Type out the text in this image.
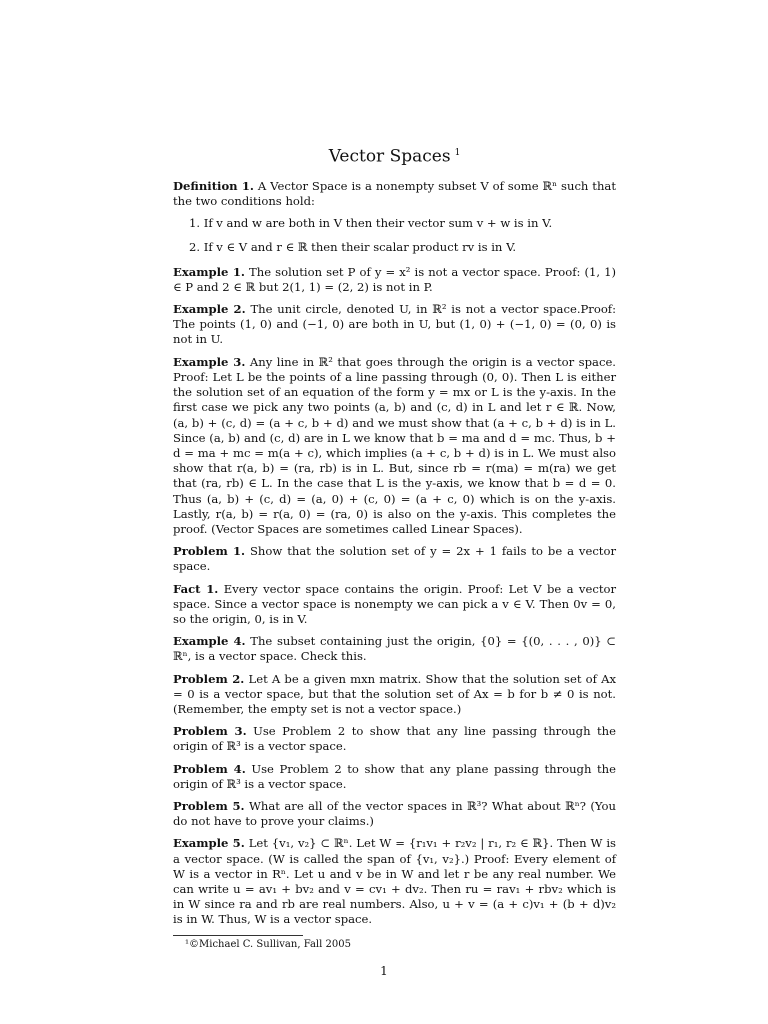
Vector Spaces $^1$

Definition 1. A Vector Space is a nonempty subset V of some ℝⁿ such that the two conditions hold:

1. If v and w are both in V then their vector sum v + w is in V.
2. If v ∈ V and r ∈ ℝ then their scalar product rv is in V.

Example 1. The solution set P of y = x² is not a vector space. Proof: (1, 1) ∈ P and 2 ∈ ℝ but 2(1, 1) = (2, 2) is not in P.

Example 2. The unit circle, denoted U, in ℝ² is not a vector space.Proof: The points (1, 0) and (−1, 0) are both in U, but (1, 0) + (−1, 0) = (0, 0) is not in U.

Example 3. Any line in ℝ² that goes through the origin is a vector space. Proof: Let L be the points of a line passing through (0, 0). Then L is either the solution set of an equation of the form y = mx or L is the y-axis. In the first case we pick any two points (a, b) and (c, d) in L and let r ∈ ℝ. Now, (a, b) + (c, d) = (a + c, b + d) and we must show that (a + c, b + d) is in L. Since (a, b) and (c, d) are in L we know that b = ma and d = mc. Thus, b + d = ma + mc = m(a + c), which implies (a + c, b + d) is in L. We must also show that r(a, b) = (ra, rb) is in L. But, since rb = r(ma) = m(ra) we get that (ra, rb) ∈ L. In the case that L is the y-axis, we know that b = d = 0. Thus (a, b) + (c, d) = (a, 0) + (c, 0) = (a + c, 0) which is on the y-axis. Lastly, r(a, b) = r(a, 0) = (ra, 0) is also on the y-axis. This completes the proof. (Vector Spaces are sometimes called Linear Spaces).

Problem 1. Show that the solution set of y = 2x + 1 fails to be a vector space.

Fact 1. Every vector space contains the origin. Proof: Let V be a vector space. Since a vector space is nonempty we can pick a v ∈ V. Then 0v = 0, so the origin, 0, is in V.

Example 4. The subset containing just the origin, {0} = {(0, . . . , 0)} ⊂ ℝⁿ, is a vector space. Check this.

Problem 2. Let A be a given mxn matrix. Show that the solution set of Ax = 0 is a vector space, but that the solution set of Ax = b for b ≠ 0 is not. (Remember, the empty set is not a vector space.)

Problem 3. Use Problem 2 to show that any line passing through the origin of ℝ³ is a vector space.

Problem 4. Use Problem 2 to show that any plane passing through the origin of ℝ³ is a vector space.

Problem 5. What are all of the vector spaces in ℝ³? What about ℝⁿ? (You do not have to prove your claims.)

Example 5. Let {v₁, v₂} ⊂ ℝⁿ. Let W = {r₁v₁ + r₂v₂ | r₁, r₂ ∈ ℝ}. Then W is a vector space. (W is called the span of {v₁, v₂}.) Proof: Every element of W is a vector in Rⁿ. Let u and v be in W and let r be any real number. We can write u = av₁ + bv₂ and v = cv₁ + dv₂. Then ru = rav₁ + rbv₂ which is in W since ra and rb are real numbers. Also, u + v = (a + c)v₁ + (b + d)v₂ is in W. Thus, W is a vector space.

¹©Michael C. Sullivan, Fall 2005
1
